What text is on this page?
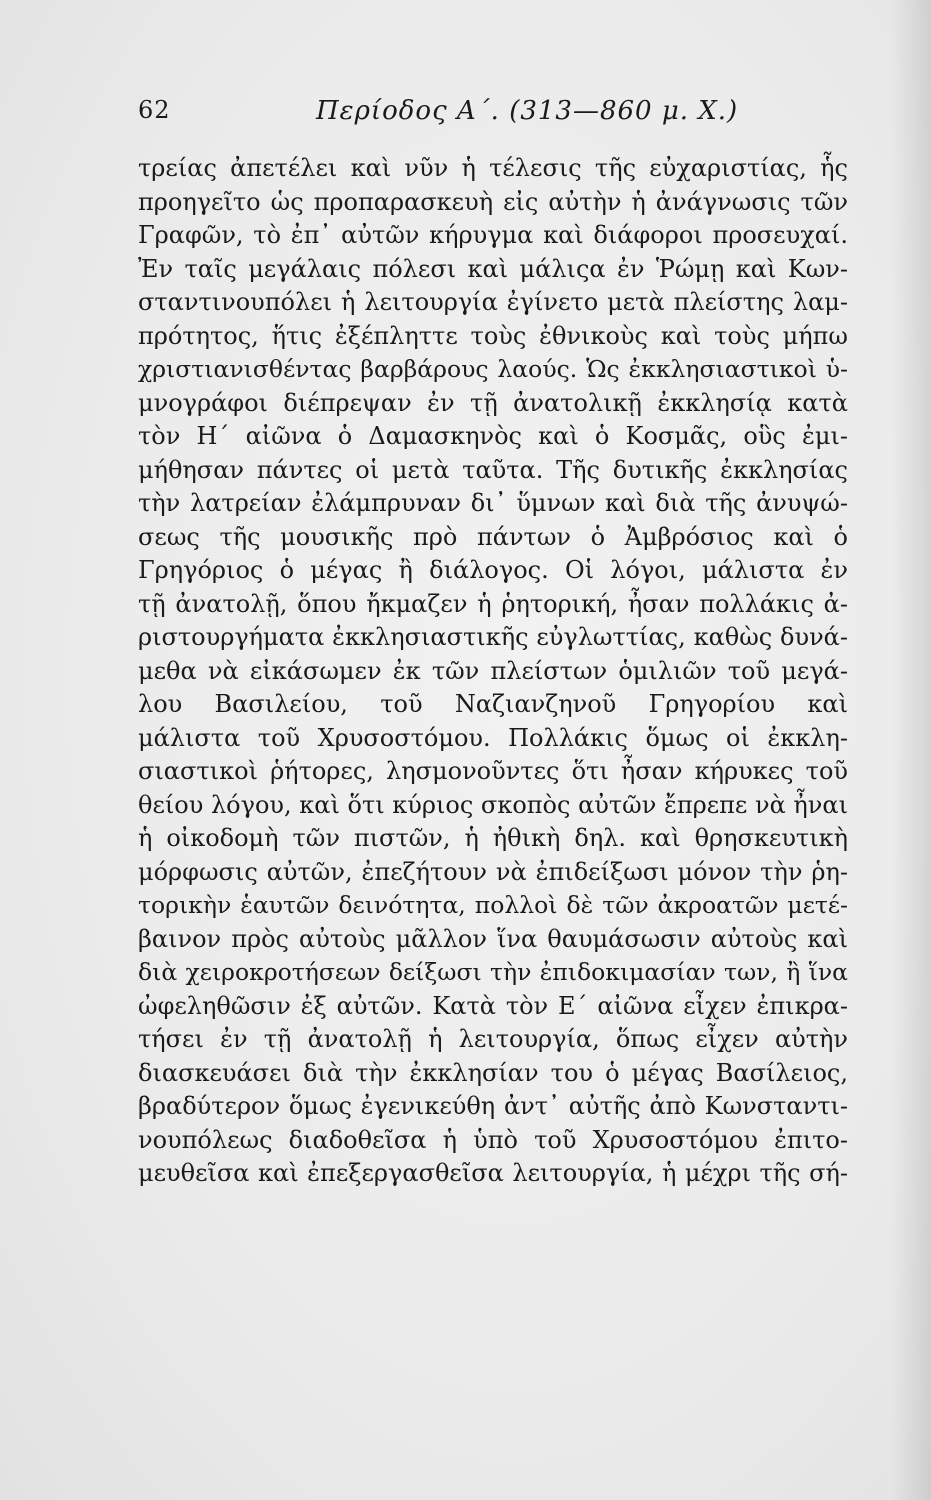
62	Περίοδος Α΄. (313—860 μ. Χ.)
τρείας ἀπετέλει καὶ νῦν ἡ τέλεσις τῆς εὐχαριστίας, ἧς
προηγεῖτο ὡς προπαρασκευὴ εἰς αὐτὴν ἡ ἀνάγνωσις τῶν
Γραφῶν, τὸ ἐπ᾽ αὐτῶν κήρυγμα καὶ διάφοροι προσευχαί.
Ἐν ταῖς μεγάλαις πόλεσι καὶ μάλιςα ἐν Ῥώμῃ καὶ Κων-
σταντινουπόλει ἡ λειτουργία ἐγίνετο μετὰ πλείστης λαμ-
πρότητος, ἥτις ἐξέπληττε τοὺς ἐθνικοὺς καὶ τοὺς μήπω
χριστιανισθέντας βαρβάρους λαούς. Ὡς ἐκκλησιαστικοὶ ὑ-
μνογράφοι διέπρεψαν ἐν τῇ ἀνατολικῇ ἐκκλησίᾳ κατὰ
τὸν Η΄ αἰῶνα ὁ Δαμασκηνὸς καὶ ὁ Κοσμᾶς, οὓς ἐμι-
μήθησαν πάντες οἱ μετὰ ταῦτα. Τῆς δυτικῆς ἐκκλησίας
τὴν λατρείαν ἐλάμπρυναν δι᾽ ὕμνων καὶ διὰ τῆς ἀνυψώ-
σεως τῆς μουσικῆς πρὸ πάντων ὁ Ἀμβρόσιος καὶ ὁ
Γρηγόριος ὁ μέγας ἢ διάλογος. Οἱ λόγοι, μάλιστα ἐν
τῇ ἀνατολῇ, ὅπου ἤκμαζεν ἡ ῥητορική, ἦσαν πολλάκις ἀ-
ριστουργήματα ἐκκλησιαστικῆς εὐγλωττίας, καθὼς δυνά-
μεθα νὰ εἰκάσωμεν ἐκ τῶν πλείστων ὁμιλιῶν τοῦ μεγά-
λου Βασιλείου, τοῦ Ναζιανζηνοῦ Γρηγορίου καὶ
μάλιστα τοῦ Χρυσοστόμου. Πολλάκις ὅμως οἱ ἐκκλη-
σιαστικοὶ ῥήτορες, λησμονοῦντες ὅτι ἦσαν κήρυκες τοῦ
θείου λόγου, καὶ ὅτι κύριος σκοπὸς αὐτῶν ἔπρεπε νὰ ἦναι
ἡ οἰκοδομὴ τῶν πιστῶν, ἡ ἠθικὴ δηλ. καὶ θρησκευτικὴ
μόρφωσις αὐτῶν, ἐπεζήτουν νὰ ἐπιδείξωσι μόνον τὴν ῥη-
τορικὴν ἑαυτῶν δεινότητα, πολλοὶ δὲ τῶν ἀκροατῶν μετέ-
βαινον πρὸς αὐτοὺς μᾶλλον ἵνα θαυμάσωσιν αὐτοὺς καὶ
διὰ χειροκροτήσεων δείξωσι τὴν ἐπιδοκιμασίαν των, ἢ ἵνα
ὠφεληθῶσιν ἐξ αὐτῶν. Κατὰ τὸν Ε΄ αἰῶνα εἶχεν ἐπικρα-
τήσει ἐν τῇ ἀνατολῇ ἡ λειτουργία, ὅπως εἶχεν αὐτὴν
διασκευάσει διὰ τὴν ἐκκλησίαν του ὁ μέγας Βασίλειος,
βραδύτερον ὅμως ἐγενικεύθη ἀντ᾽ αὐτῆς ἀπὸ Κωνσταντι-
νουπόλεως διαδοθεῖσα ἡ ὑπὸ τοῦ Χρυσοστόμου ἐπιτο-
μευθεῖσα καὶ ἐπεξεργασθεῖσα λειτουργία, ἡ μέχρι τῆς σή-
